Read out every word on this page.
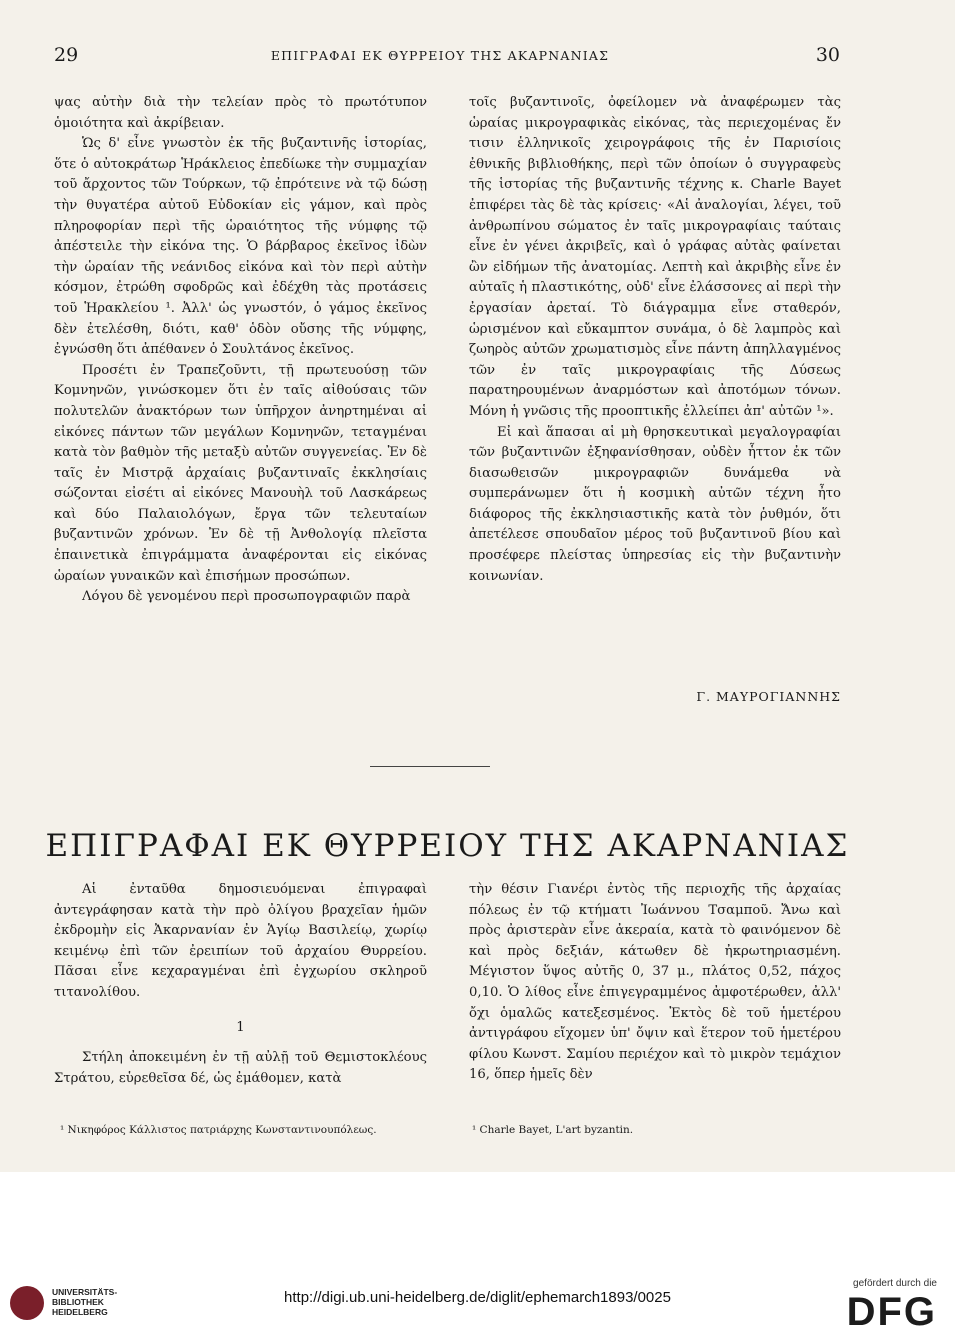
29	ΕΠΙΓΡΑΦΑΙ ΕΚ ΘΥΡΡΕΙΟΥ ΤΗΣ ΑΚΑΡΝΑΝΙΑΣ	30

ψας αὐτὴν διὰ τὴν τελείαν πρὸς τὸ πρωτότυπον ὁμοιότητα καὶ ἀκρίβειαν.

Ὡς δ' εἶνε γνωστὸν ἐκ τῆς βυζαντινῆς ἱστορίας, ὅτε ὁ αὐτοκράτωρ Ἡράκλειος ἐπεδίωκε τὴν συμμαχίαν τοῦ ἄρχοντος τῶν Τούρκων, τῷ ἐπρότεινε νὰ τῷ δώσῃ τὴν θυγατέρα αὐτοῦ Εὐδοκίαν εἰς γάμον, καὶ πρὸς πληροφορίαν περὶ τῆς ὡραιότητος τῆς νύμφης τῷ ἀπέστειλε τὴν εἰκόνα της. Ὁ βάρβαρος ἐκεῖνος ἰδὼν τὴν ὡραίαν τῆς νεάνιδος εἰκόνα καὶ τὸν περὶ αὐτὴν κόσμον, ἐτρώθη σφοδρῶς καὶ ἐδέχθη τὰς προτάσεις τοῦ Ἡρακλείου ¹. Ἀλλ' ὡς γνωστόν, ὁ γάμος ἐκεῖνος δὲν ἐτελέσθη, διότι, καθ' ὁδὸν οὔσης τῆς νύμφης, ἐγνώσθη ὅτι ἀπέθανεν ὁ Σουλτάνος ἐκεῖνος.

Προσέτι ἐν Τραπεζοῦντι, τῇ πρωτευούσῃ τῶν Κομνηνῶν, γινώσκομεν ὅτι ἐν ταῖς αἰθούσαις τῶν πολυτελῶν ἀνακτόρων των ὑπῆρχον ἀνηρτημέναι αἱ εἰκόνες πάντων τῶν μεγάλων Κομνηνῶν, τεταγμέναι κατὰ τὸν βαθμὸν τῆς μεταξὺ αὐτῶν συγγενείας. Ἐν δὲ ταῖς ἐν Μιστρᾷ ἀρχαίαις βυζαντιναῖς ἐκκλησίαις σώζονται εἰσέτι αἱ εἰκόνες Μανουὴλ τοῦ Λασκάρεως καὶ δύο Παλαιολόγων, ἔργα τῶν τελευταίων βυζαντινῶν χρόνων. Ἐν δὲ τῇ Ἀνθολογίᾳ πλεῖστα ἐπαινετικὰ ἐπιγράμματα ἀναφέρονται εἰς εἰκόνας ὡραίων γυναικῶν καὶ ἐπισήμων προσώπων.

Λόγου δὲ γενομένου περὶ προσωπογραφιῶν παρὰ

τοῖς βυζαντινοῖς, ὀφείλομεν νὰ ἀναφέρωμεν τὰς ὡραίας μικρογραφικὰς εἰκόνας, τὰς περιεχομένας ἔν τισιν ἑλληνικοῖς χειρογράφοις τῆς ἐν Παρισίοις ἐθνικῆς βιβλιοθήκης, περὶ τῶν ὁποίων ὁ συγγραφεὺς τῆς ἱστορίας τῆς βυζαντινῆς τέχνης κ. Charle Bayet ἐπιφέρει τὰς δὲ τὰς κρίσεις· «Αἱ ἀναλογίαι, λέγει, τοῦ ἀνθρωπίνου σώματος ἐν ταῖς μικρογραφίαις ταύταις εἶνε ἐν γένει ἀκριβεῖς, καὶ ὁ γράφας αὐτὰς φαίνεται ὢν εἰδήμων τῆς ἀνατομίας. Λεπτὴ καὶ ἀκριβὴς εἶνε ἐν αὐταῖς ἡ πλαστικότης, οὐδ' εἶνε ἐλάσσονες αἱ περὶ τὴν ἐργασίαν ἀρεταί. Τὸ διάγραμμα εἶνε σταθερόν, ὡρισμένον καὶ εὔκαμπτον συνάμα, ὁ δὲ λαμπρὸς καὶ ζωηρὸς αὐτῶν χρωματισμὸς εἶνε πάντη ἀπηλλαγμένος τῶν ἐν ταῖς μικρογραφίαις τῆς Δύσεως παρατηρουμένων ἀναρμόστων καὶ ἀποτόμων τόνων. Μόνη ἡ γνῶσις τῆς προοπτικῆς ἐλλείπει ἀπ' αὐτῶν ¹».

Εἰ καὶ ἅπασαι αἱ μὴ θρησκευτικαὶ μεγαλογραφίαι τῶν βυζαντινῶν ἐξηφανίσθησαν, οὐδὲν ἧττον ἐκ τῶν διασωθεισῶν μικρογραφιῶν δυνάμεθα νὰ συμπεράνωμεν ὅτι ἡ κοσμικὴ αὐτῶν τέχνη ἦτο διάφορος τῆς ἐκκλησιαστικῆς κατὰ τὸν ῥυθμόν, ὅτι ἀπετέλεσε σπουδαῖον μέρος τοῦ βυζαντινοῦ βίου καὶ προσέφερε πλείστας ὑπηρεσίας εἰς τὴν βυζαντινὴν κοινωνίαν.

Γ. ΜΑΥΡΟΓΙΑΝΝΗΣ
ΕΠΙΓΡΑΦΑΙ ΕΚ ΘΥΡΡΕΙΟΥ ΤΗΣ ΑΚΑΡΝΑΝΙΑΣ

Αἱ ἐνταῦθα δημοσιευόμεναι ἐπιγραφαὶ ἀντεγράφησαν κατὰ τὴν πρὸ ὀλίγου βραχεῖαν ἡμῶν ἐκδρομὴν εἰς Ἀκαρνανίαν ἐν Ἁγίῳ Βασιλείῳ, χωρίῳ κειμένῳ ἐπὶ τῶν ἐρειπίων τοῦ ἀρχαίου Θυρρείου. Πᾶσαι εἶνε κεχαραγμέναι ἐπὶ ἐγχωρίου σκληροῦ τιτανολίθου.

1

Στήλη ἀποκειμένη ἐν τῇ αὐλῇ τοῦ Θεμιστοκλέους Στράτου, εὑρεθεῖσα δέ, ὡς ἐμάθομεν, κατὰ

τὴν θέσιν Γιανέρι ἐντὸς τῆς περιοχῆς τῆς ἀρχαίας πόλεως ἐν τῷ κτήματι Ἰωάννου Τσαμποῦ. Ἄνω καὶ πρὸς ἀριστερὰν εἶνε ἀκεραία, κατὰ τὸ φαινόμενον δὲ καὶ πρὸς δεξιάν, κάτωθεν δὲ ἠκρωτηριασμένη. Μέγιστον ὕψος αὐτῆς 0, 37 μ., πλάτος 0,52, πάχος 0,10. Ὁ λίθος εἶνε ἐπιγεγραμμένος ἀμφοτέρωθεν, ἀλλ' ὄχι ὁμαλῶς κατεξεσμένος. Ἐκτὸς δὲ τοῦ ἡμετέρου ἀντιγράφου εἴχομεν ὑπ' ὄψιν καὶ ἕτερον τοῦ ἡμετέρου φίλου Κωνστ. Σαμίου περιέχον καὶ τὸ μικρὸν τεμάχιον 16, ὅπερ ἡμεῖς δὲν

¹ Νικηφόρος Κάλλιστος πατριάρχης Κωνσταντινουπόλεως.	¹ Charle Bayet, L'art byzantin.
UNIVERSITÄTS-
BIBLIOTHEK
HEIDELBERG
http://digi.ub.uni-heidelberg.de/diglit/ephemarch1893/0025
gefördert durch die
DFG
